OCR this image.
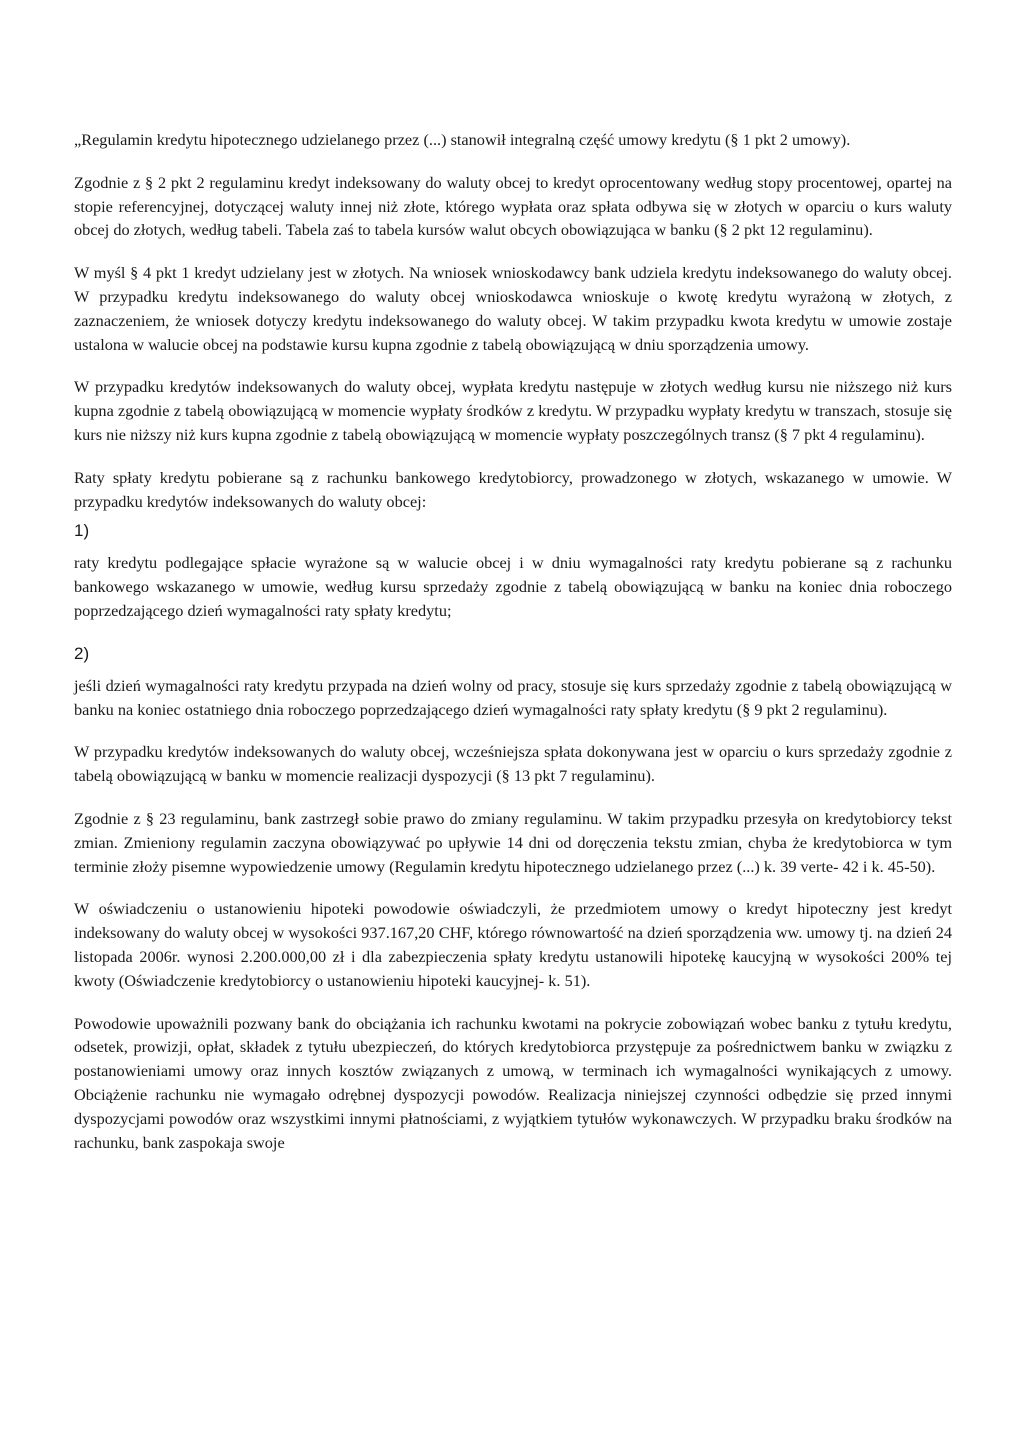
„Regulamin kredytu hipotecznego udzielanego przez (...) stanowił integralną część umowy kredytu (§ 1 pkt 2 umowy).

Zgodnie z § 2 pkt 2 regulaminu kredyt indeksowany do waluty obcej to kredyt oprocentowany według stopy procentowej, opartej na stopie referencyjnej, dotyczącej waluty innej niż złote, którego wypłata oraz spłata odbywa się w złotych w oparciu o kurs waluty obcej do złotych, według tabeli. Tabela zaś to tabela kursów walut obcych obowiązująca w banku (§ 2 pkt 12 regulaminu).

W myśl § 4 pkt 1 kredyt udzielany jest w złotych. Na wniosek wnioskodawcy bank udziela kredytu indeksowanego do waluty obcej. W przypadku kredytu indeksowanego do waluty obcej wnioskodawca wnioskuje o kwotę kredytu wyrażoną w złotych, z zaznaczeniem, że wniosek dotyczy kredytu indeksowanego do waluty obcej. W takim przypadku kwota kredytu w umowie zostaje ustalona w walucie obcej na podstawie kursu kupna zgodnie z tabelą obowiązującą w dniu sporządzenia umowy.

W przypadku kredytów indeksowanych do waluty obcej, wypłata kredytu następuje w złotych według kursu nie niższego niż kurs kupna zgodnie z tabelą obowiązującą w momencie wypłaty środków z kredytu. W przypadku wypłaty kredytu w transzach, stosuje się kurs nie niższy niż kurs kupna zgodnie z tabelą obowiązującą w momencie wypłaty poszczególnych transz (§ 7 pkt 4 regulaminu).

Raty spłaty kredytu pobierane są z rachunku bankowego kredytobiorcy, prowadzonego w złotych, wskazanego w umowie. W przypadku kredytów indeksowanych do waluty obcej:

1)

raty kredytu podlegające spłacie wyrażone są w walucie obcej i w dniu wymagalności raty kredytu pobierane są z rachunku bankowego wskazanego w umowie, według kursu sprzedaży zgodnie z tabelą obowiązującą w banku na koniec dnia roboczego poprzedzającego dzień wymagalności raty spłaty kredytu;

2)

jeśli dzień wymagalności raty kredytu przypada na dzień wolny od pracy, stosuje się kurs sprzedaży zgodnie z tabelą obowiązującą w banku na koniec ostatniego dnia roboczego poprzedzającego dzień wymagalności raty spłaty kredytu (§ 9 pkt 2 regulaminu).

W przypadku kredytów indeksowanych do waluty obcej, wcześniejsza spłata dokonywana jest w oparciu o kurs sprzedaży zgodnie z tabelą obowiązującą w banku w momencie realizacji dyspozycji (§ 13 pkt 7 regulaminu).

Zgodnie z § 23 regulaminu, bank zastrzegł sobie prawo do zmiany regulaminu. W takim przypadku przesyła on kredytobiorcy tekst zmian. Zmieniony regulamin zaczyna obowiązywać po upływie 14 dni od doręczenia tekstu zmian, chyba że kredytobiorca w tym terminie złoży pisemne wypowiedzenie umowy (Regulamin kredytu hipotecznego udzielanego przez (...) k. 39 verte- 42 i k. 45-50).

W oświadczeniu o ustanowieniu hipoteki powodowie oświadczyli, że przedmiotem umowy o kredyt hipoteczny jest kredyt indeksowany do waluty obcej w wysokości 937.167,20 CHF, którego równowartość na dzień sporządzenia ww. umowy tj. na dzień 24 listopada 2006r. wynosi 2.200.000,00 zł i dla zabezpieczenia spłaty kredytu ustanowili hipotekę kaucyjną w wysokości 200% tej kwoty (Oświadczenie kredytobiorcy o ustanowieniu hipoteki kaucyjnej- k. 51).

Powodowie upoważnili pozwany bank do obciążania ich rachunku kwotami na pokrycie zobowiązań wobec banku z tytułu kredytu, odsetek, prowizji, opłat, składek z tytułu ubezpieczeń, do których kredytobiorca przystępuje za pośrednictwem banku w związku z postanowieniami umowy oraz innych kosztów związanych z umową, w terminach ich wymagalności wynikających z umowy. Obciążenie rachunku nie wymagało odrębnej dyspozycji powodów. Realizacja niniejszej czynności odbędzie się przed innymi dyspozycjami powodów oraz wszystkimi innymi płatnościami, z wyjątkiem tytułów wykonawczych. W przypadku braku środków na rachunku, bank zaspokaja swoje
